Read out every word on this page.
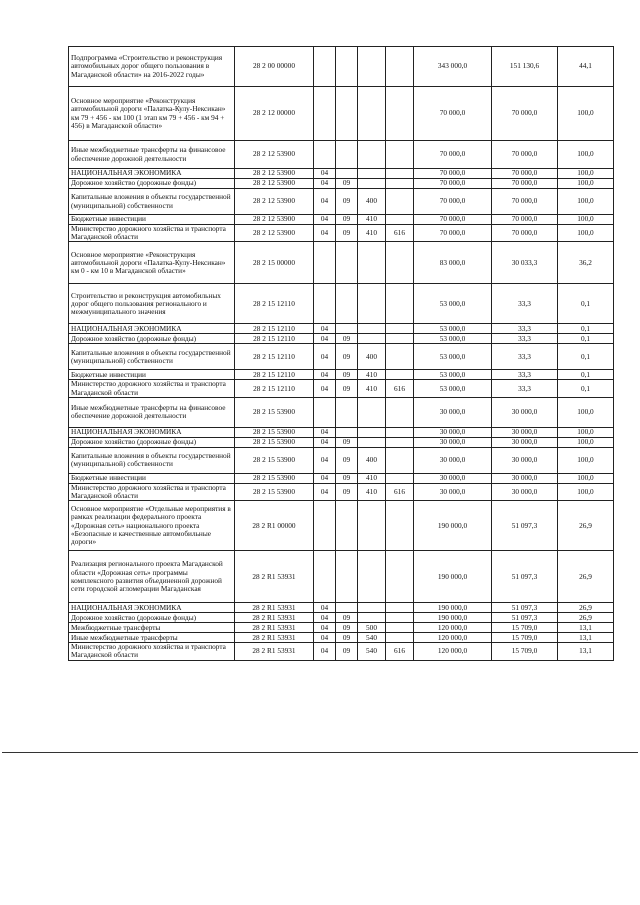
Подпрограмма «Строительство и реконструкция автомобильных дорог общего пользования в Магаданской области» на 2016-2022 годы»	28 2 00 00000					343 000,0	151 130,6	44,1
Основное мероприятие «Реконструкция автомобильной дороги «Палатка-Кулу-Нексикан» км 79 + 456 - км 100 (1 этап км 79 + 456 - км 94 + 456) в Магаданской области»	28 2 12 00000					70 000,0	70 000,0	100,0
Иные межбюджетные трансферты на финансовое обеспечение дорожной деятельности	28 2 12 53900					70 000,0	70 000,0	100,0
НАЦИОНАЛЬНАЯ ЭКОНОМИКА	28 2 12 53900	04				70 000,0	70 000,0	100,0
Дорожное хозяйство (дорожные фонды)	28 2 12 53900	04	09			70 000,0	70 000,0	100,0
Капитальные вложения в объекты государственной (муниципальной) собственности	28 2 12 53900	04	09	400		70 000,0	70 000,0	100,0
Бюджетные инвестиции	28 2 12 53900	04	09	410		70 000,0	70 000,0	100,0
Министерство дорожного хозяйства и транспорта Магаданской области	28 2 12 53900	04	09	410	616	70 000,0	70 000,0	100,0
Основное мероприятие «Реконструкция автомобильной дороги «Палатка-Кулу-Нексикан» км 0 - км 10 в Магаданской области»	28 2 15 00000					83 000,0	30 033,3	36,2
Строительство и реконструкция автомобильных дорог общего пользования регионального и межмуниципального значения	28 2 15 12110					53 000,0	33,3	0,1
НАЦИОНАЛЬНАЯ ЭКОНОМИКА	28 2 15 12110	04				53 000,0	33,3	0,1
Дорожное хозяйство (дорожные фонды)	28 2 15 12110	04	09			53 000,0	33,3	0,1
Капитальные вложения в объекты государственной (муниципальной) собственности	28 2 15 12110	04	09	400		53 000,0	33,3	0,1
Бюджетные инвестиции	28 2 15 12110	04	09	410		53 000,0	33,3	0,1
Министерство дорожного хозяйства и транспорта Магаданской области	28 2 15 12110	04	09	410	616	53 000,0	33,3	0,1
Иные межбюджетные трансферты на финансовое обеспечение дорожной деятельности	28 2 15 53900					30 000,0	30 000,0	100,0
НАЦИОНАЛЬНАЯ ЭКОНОМИКА	28 2 15 53900	04				30 000,0	30 000,0	100,0
Дорожное хозяйство (дорожные фонды)	28 2 15 53900	04	09			30 000,0	30 000,0	100,0
Капитальные вложения в объекты государственной (муниципальной) собственности	28 2 15 53900	04	09	400		30 000,0	30 000,0	100,0
Бюджетные инвестиции	28 2 15 53900	04	09	410		30 000,0	30 000,0	100,0
Министерство дорожного хозяйства и транспорта Магаданской области	28 2 15 53900	04	09	410	616	30 000,0	30 000,0	100,0
Основное мероприятие «Отдельные мероприятия в рамках реализации федерального проекта «Дорожная сеть» национального проекта «Безопасные и качественные автомобильные дороги»	28 2 R1 00000					190 000,0	51 097,3	26,9
Реализация регионального проекта Магаданской области «Дорожная сеть» программы комплексного развития объединенной дорожной сети городской агломерации Магаданская	28 2 R1 53931					190 000,0	51 097,3	26,9
НАЦИОНАЛЬНАЯ ЭКОНОМИКА	28 2 R1 53931	04				190 000,0	51 097,3	26,9
Дорожное хозяйство (дорожные фонды)	28 2 R1 53931	04	09			190 000,0	51 097,3	26,9
Межбюджетные трансферты	28 2 R1 53931	04	09	500		120 000,0	15 709,0	13,1
Иные межбюджетные трансферты	28 2 R1 53931	04	09	540		120 000,0	15 709,0	13,1
Министерство дорожного хозяйства и транспорта Магаданской области	28 2 R1 53931	04	09	540	616	120 000,0	15 709,0	13,1
